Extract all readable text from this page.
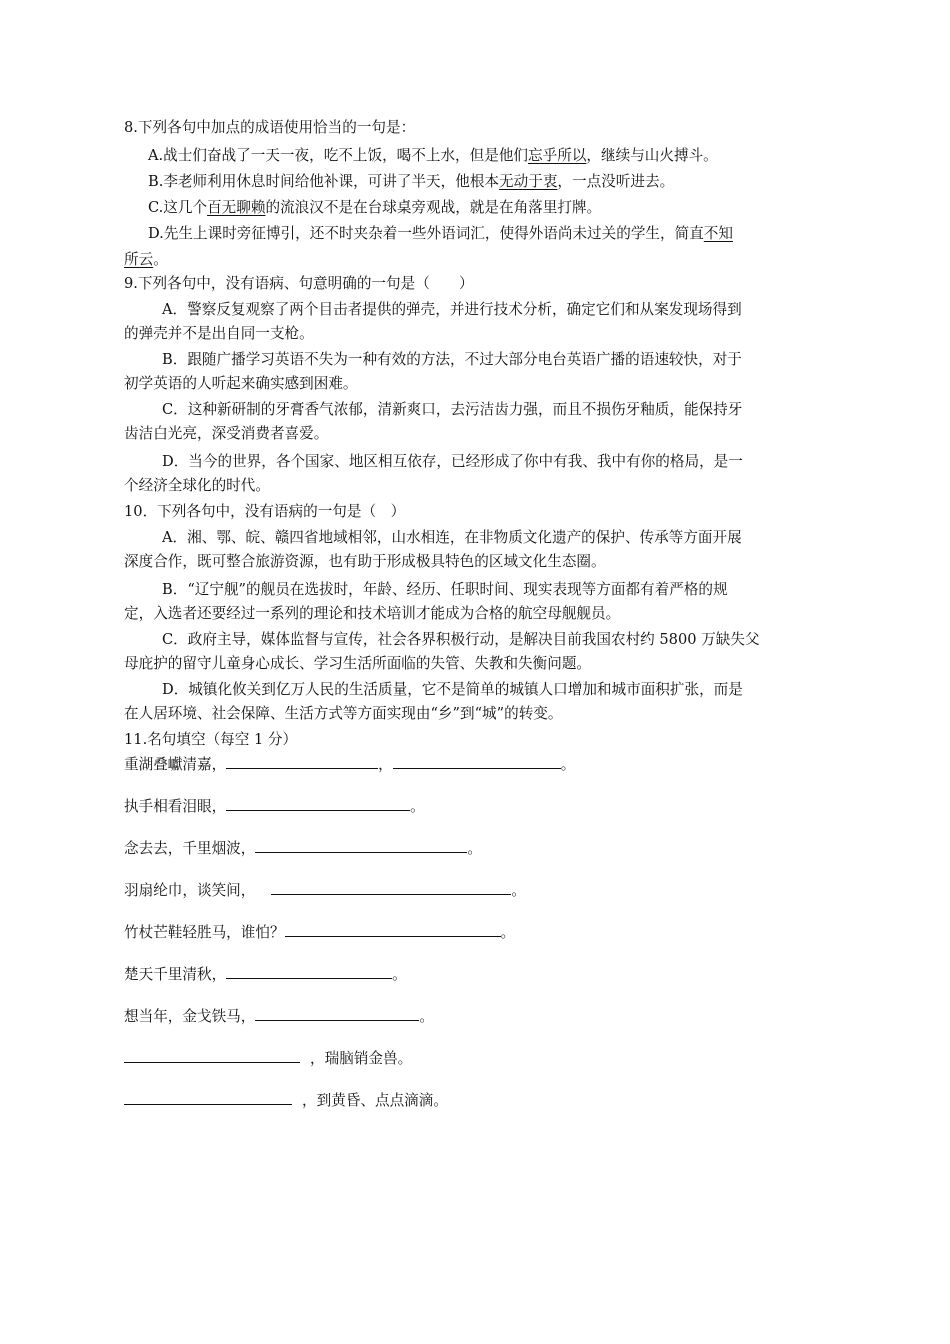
8.下列各句中加点的成语使用恰当的一句是：
A.战士们奋战了一天一夜，吃不上饭，喝不上水，但是他们忘乎所以，继续与山火搏斗。
B.李老师利用休息时间给他补课，可讲了半天，他根本无动于衷，一点没听进去。
C.这几个百无聊赖的流浪汉不是在台球桌旁观战，就是在角落里打牌。
D.先生上课时旁征博引，还不时夹杂着一些外语词汇，使得外语尚未过关的学生，简直不知
所云。
9.下列各句中，没有语病、句意明确的一句是（　　）
A．警察反复观察了两个目击者提供的弹壳，并进行技术分析，确定它们和从案发现场得到
的弹壳并不是出自同一支枪。
B．跟随广播学习英语不失为一种有效的方法，不过大部分电台英语广播的语速较快，对于
初学英语的人听起来确实感到困难。
C．这种新研制的牙膏香气浓郁，清新爽口，去污洁齿力强，而且不损伤牙釉质，能保持牙
齿洁白光亮，深受消费者喜爱。
D．当今的世界，各个国家、地区相互依存，已经形成了你中有我、我中有你的格局，是一
个经济全球化的时代。
10．下列各句中，没有语病的一句是（　）
A．湘、鄂、皖、赣四省地域相邻，山水相连，在非物质文化遗产的保护、传承等方面开展
深度合作，既可整合旅游资源，也有助于形成极具特色的区域文化生态圈。
B．“辽宁舰”的舰员在选拔时，年龄、经历、任职时间、现实表现等方面都有着严格的规
定，入选者还要经过一系列的理论和技术培训才能成为合格的航空母舰舰员。
C．政府主导，媒体监督与宣传，社会各界积极行动，是解决目前我国农村约 5800 万缺失父
母庇护的留守儿童身心成长、学习生活所面临的失管、失教和失衡问题。
D．城镇化攸关到亿万人民的生活质量，它不是简单的城镇人口增加和城市面积扩张，而是
在人居环境、社会保障、生活方式等方面实现由“乡”到“城”的转变。
11.名句填空（每空 1 分）
重湖叠巘清嘉，	，	。
执手相看泪眼，	。
念去去，千里烟波，	。
羽扇纶巾，谈笑间，	。
竹杖芒鞋轻胜马，谁怕？	。
楚天千里清秋，	。
想当年，金戈铁马，	。
，瑞脑销金兽。
，到黄昏、点点滴滴。
